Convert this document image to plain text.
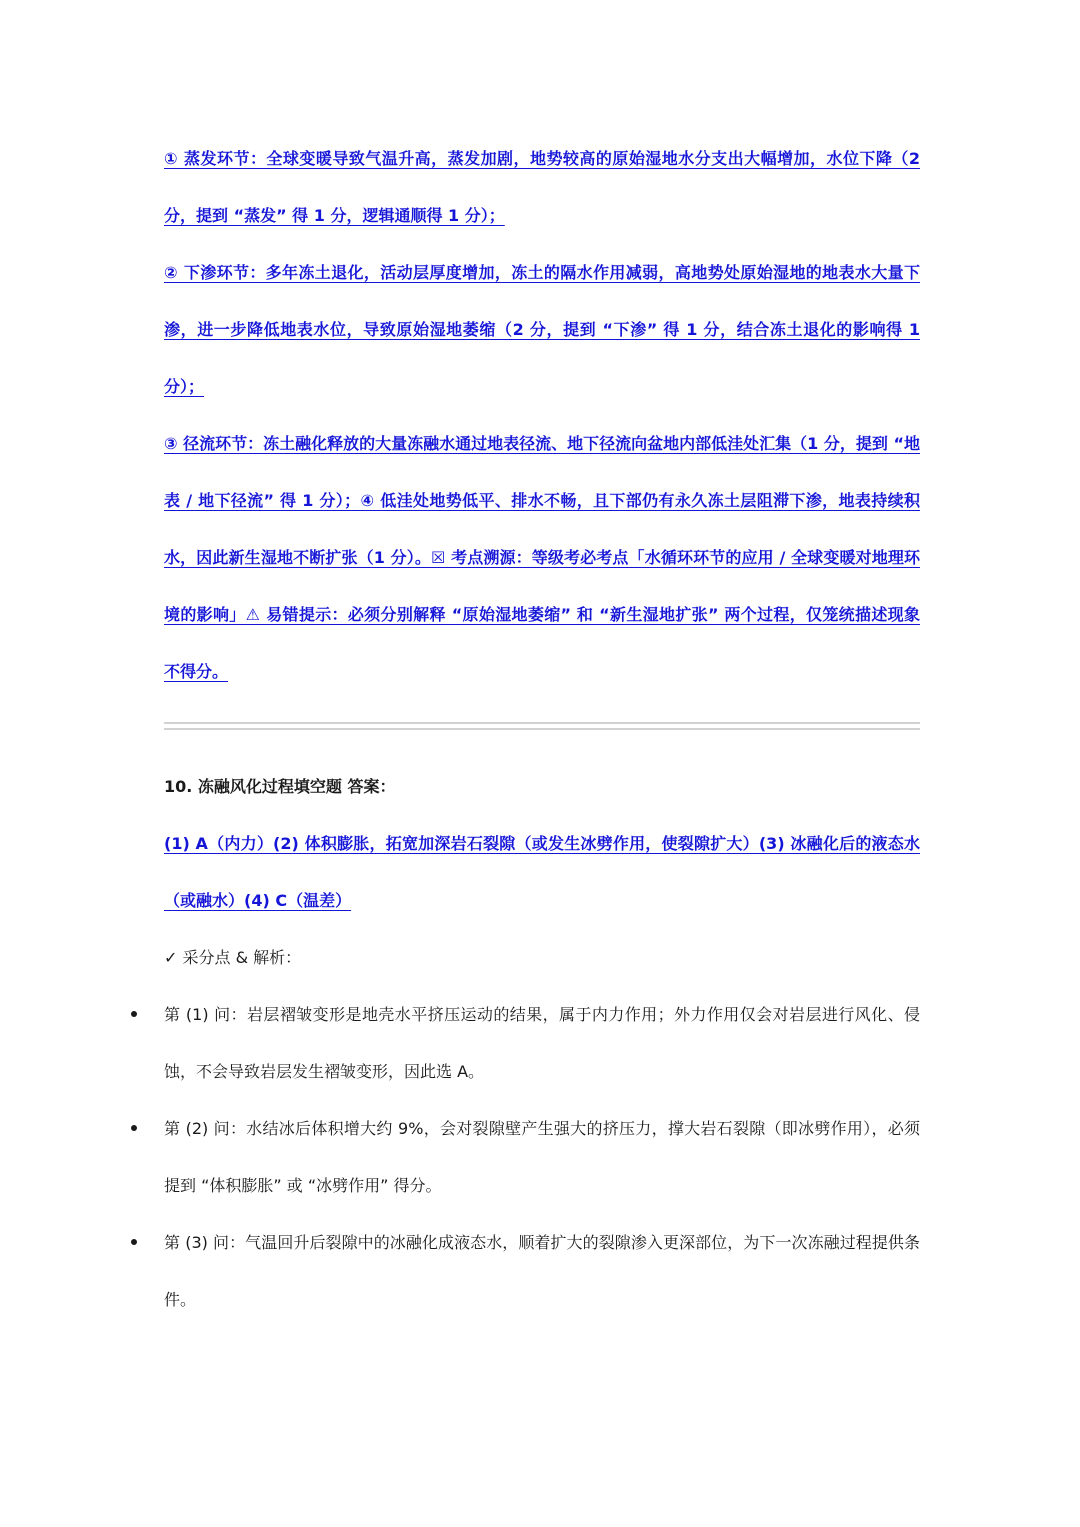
① 蒸发环节：全球变暖导致气温升高，蒸发加剧，地势较高的原始湿地水分支出大幅增加，水位下降（2 分，提到 “蒸发” 得 1 分，逻辑通顺得 1 分）；

② 下渗环节：多年冻土退化，活动层厚度增加，冻土的隔水作用减弱，高地势处原始湿地的地表水大量下渗，进一步降低地表水位，导致原始湿地萎缩（2 分，提到 “下渗” 得 1 分，结合冻土退化的影响得 1 分）；

③ 径流环节：冻土融化释放的大量冻融水通过地表径流、地下径流向盆地内部低洼处汇集（1 分，提到 “地表 / 地下径流” 得 1 分）；④ 低洼处地势低平、排水不畅，且下部仍有永久冻土层阻滞下渗，地表持续积水，因此新生湿地不断扩张（1 分）。☒ 考点溯源：等级考必考点「水循环环节的应用 / 全球变暖对地理环境的影响」⚠ 易错提示：必须分别解释 “原始湿地萎缩” 和 “新生湿地扩张” 两个过程，仅笼统描述现象不得分。

10. 冻融风化过程填空题 答案：

(1) A（内力）(2) 体积膨胀，拓宽加深岩石裂隙（或发生冰劈作用，使裂隙扩大）(3) 冰融化后的液态水（或融水）(4) C（温差）

✓ 采分点 & 解析：

第 (1) 问：岩层褶皱变形是地壳水平挤压运动的结果，属于内力作用；外力作用仅会对岩层进行风化、侵蚀，不会导致岩层发生褶皱变形，因此选 A。
第 (2) 问：水结冰后体积增大约 9%，会对裂隙壁产生强大的挤压力，撑大岩石裂隙（即冰劈作用），必须提到 “体积膨胀” 或 “冰劈作用” 得分。
第 (3) 问：气温回升后裂隙中的冰融化成液态水，顺着扩大的裂隙渗入更深部位，为下一次冻融过程提供条件。
